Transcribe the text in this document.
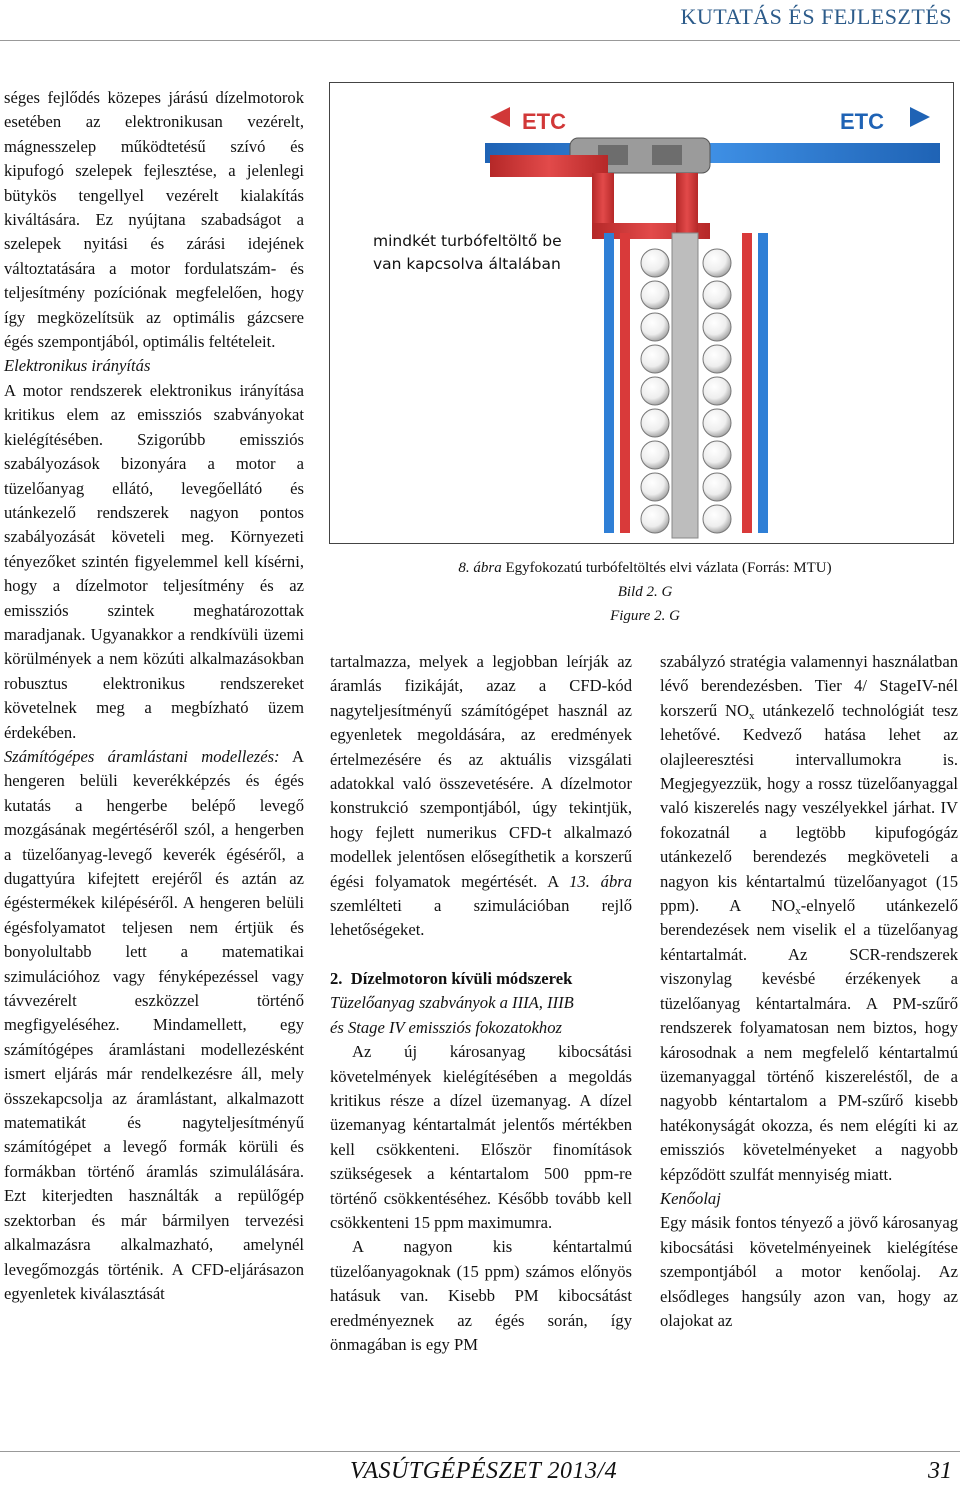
KUTATÁS ÉS FEJLESZTÉS

séges fejlődés közepes járású dízelmotorok esetében az elektronikusan vezérelt, mágnesszelep működtetésű szívó és kipufogó szelepek fejlesztése, a jelenlegi bütykös tengellyel vezérelt kialakítás kiváltására. Ez nyújtana szabadságot a szelepek nyitási és zárási idejének változtatására a motor fordulatszám- és teljesítmény pozíciónak megfelelően, hogy így megközelítsük az optimális gázcsere égés szempontjából, optimális feltételeit.

Elektronikus irányítás

A motor rendszerek elektronikus irányítása kritikus elem az emissziós szabványokat kielégítésében. Szigorúbb emissziós szabályozások bizonyára a motor a tüzelőanyag ellátó, levegőellátó és utánkezelő rendszerek nagyon pontos szabályozását követeli meg. Környezeti tényezőket szintén figyelemmel kell kísérni, hogy a dízelmotor teljesítmény és az emissziós szintek meghatározottak maradjanak. Ugyanakkor a rendkívüli üzemi körülmények a nem közúti alkalmazásokban robusztus elektronikus rendszereket követelnek meg a megbízható üzem érdekében.

Számítógépes áramlástani modellezés: A hengeren belüli keverékképzés és égés kutatás a hengerbe belépő levegő mozgásának megértéséről szól, a hengerben a tüzelőanyag-levegő keverék égéséről, a dugattyúra kifejtett erejéről és aztán az égéstermékek kilépéséről. A hengeren belüli égésfolyamatot teljesen nem értjük és bonyolultabb lett a matematikai szimulációhoz vagy fényképezéssel vagy távvezérelt eszközzel történő megfigyeléséhez. Mindamellett, egy számítógépes áramlástani modellezésként ismert eljárás már rendelkezésre áll, mely összekapcsolja az áramlástant, alkalmazott matematikát és nagyteljesítményű számítógépet a levegő formák körüli és formákban történő áramlás szimulálására. Ezt kiterjedten használták a repülőgép szektorban és már bármilyen tervezési alkalmazásra alkalmazható, amelynél levegőmozgás történik. A CFD-eljárásazon egyenletek kiválasztását

ETC	ETC
mindkét turbófeltöltő be
van kapcsolva általában
8. ábra Egyfokozatú turbófeltöltés elvi vázlata (Forrás: MTU)
Bild 2. G
Figure 2. G

tartalmazza, melyek a legjobban leírják az áramlás fizikáját, azaz a CFD-kód nagyteljesítményű számítógépet használ az egyenletek megoldására, az eredmények értelmezésére és az aktuális vizsgálati adatokkal való összevetésére. A dízelmotor konstrukció szempontjából, úgy tekintjük, hogy fejlett numerikus CFD-t alkalmazó modellek jelentősen elősegíthetik a korszerű égési folyamatok megértését. A 13. ábra szemlélteti a szimulációban rejlő lehetőségeket.

2. Dízelmotoron kívüli módszerek

Tüzelőanyag szabványok a IIIA, IIIB

és Stage IV emissziós fokozatokhoz

Az új károsanyag kibocsátási követelmények kielégítésében a megoldás kritikus része a dízel üzemanyag. A dízel üzemanyag kéntartalmát jelentős mértékben kell csökkenteni. Először finomítások szükségesek a kéntartalom 500 ppm-re történő csökkentéséhez. Később tovább kell csökkenteni 15 ppm maximumra.

A nagyon kis kéntartalmú tüzelőanyagoknak (15 ppm) számos előnyös hatásuk van. Kisebb PM kibocsátást eredményeznek az égés során, így önmagában is egy PM

szabályzó stratégia valamennyi használatban lévő berendezésben. Tier 4/ StageIV-nél korszerű $NO_x$ utánkezelő technológiát tesz lehetővé. Kedvező hatása lehet az olajleeresztési intervallumokra is. Megjegyezzük, hogy a rossz tüzelőanyaggal való kiszerelés nagy veszélyekkel járhat. IV fokozatnál a legtöbb kipufogógáz utánkezelő berendezés megköveteli a nagyon kis kéntartalmú tüzelőanyagot (15 ppm). A $NO_x$-elnyelő utánkezelő berendezések nem viselik el a tüzelőanyag kéntartalmát. Az SCR-rendszerek viszonylag kevésbé érzékenyek a tüzelőanyag kéntartalmára. A PM-szűrő rendszerek folyamatosan nem biztos, hogy károsodnak a nem megfelelő kéntartalmú üzemanyaggal történő kiszereléstől, de a nagyobb kéntartalom a PM-szűrő kisebb hatékonyságát okozza, és nem elégíti ki az emissziós követelményeket a nagyobb képződött szulfát mennyiség miatt.

Kenőolaj

Egy másik fontos tényező a jövő károsanyag kibocsátási követelményeinek kielégítése szempontjából a motor kenőolaj. Az elsődleges hangsúly azon van, hogy az olajokat az

VASÚTGÉPÉSZET 2013/4	31
